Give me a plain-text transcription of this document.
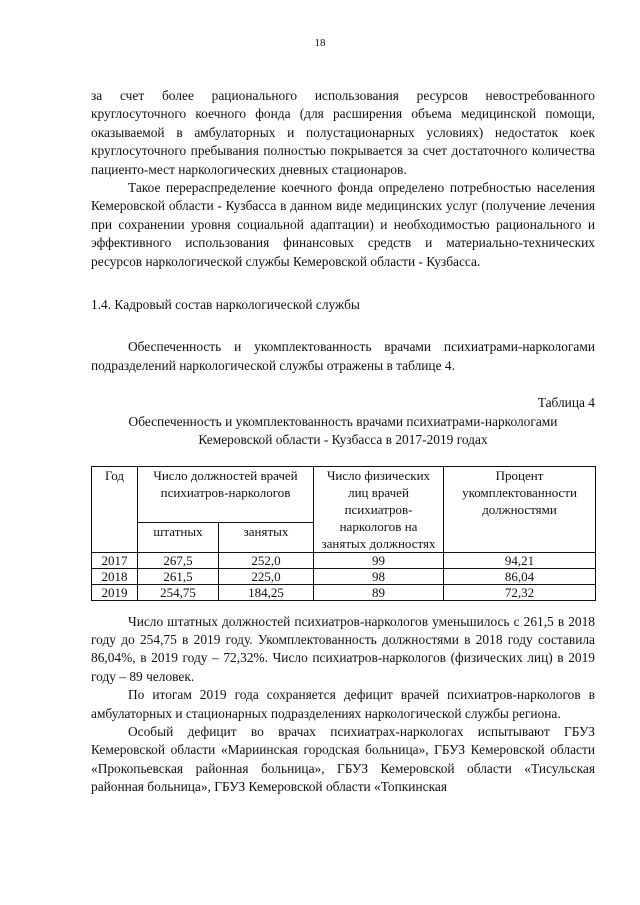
18

за счет более рационального использования ресурсов невостребованного круглосуточного коечного фонда (для расширения объема медицинской помощи, оказываемой в амбулаторных и полустационарных условиях) недостаток коек круглосуточного пребывания полностью покрывается за счет достаточного количества пациенто-мест наркологических дневных стационаров.

Такое перераспределение коечного фонда определено потребностью населения Кемеровской области - Кузбасса в данном виде медицинских услуг (получение лечения при сохранении уровня социальной адаптации) и необходимостью рационального и эффективного использования финансовых средств и материально-технических ресурсов наркологической службы Кемеровской области - Кузбасса.

1.4. Кадровый состав наркологической службы

Обеспеченность и укомплектованность врачами психиатрами-наркологами подразделений наркологической службы отражены в таблице 4.

Таблица 4

Обеспеченность и укомплектованность врачами психиатрами-наркологами Кемеровской области - Кузбасса в 2017-2019 годах

Год	Число должностей врачей психиатров-наркологов		Число физических лиц врачей психиатров-наркологов на занятых должностях	Процент укомплектованности должностями
	штатных	занятых		
2017	267,5	252,0	99	94,21
2018	261,5	225,0	98	86,04
2019	254,75	184,25	89	72,32

Число штатных должностей психиатров-наркологов уменьшилось с 261,5 в 2018 году до 254,75 в 2019 году. Укомплектованность должностями в 2018 году составила 86,04%, в 2019 году – 72,32%. Число психиатров-наркологов (физических лиц) в 2019 году – 89 человек.

По итогам 2019 года сохраняется дефицит врачей психиатров-наркологов в амбулаторных и стационарных подразделениях наркологической службы региона.

Особый дефицит во врачах психиатрах-наркологах испытывают ГБУЗ Кемеровской области «Мариинская городская больница», ГБУЗ Кемеровской области «Прокопьевская районная больница», ГБУЗ Кемеровской области «Тисульская районная больница», ГБУЗ Кемеровской области «Топкинская
